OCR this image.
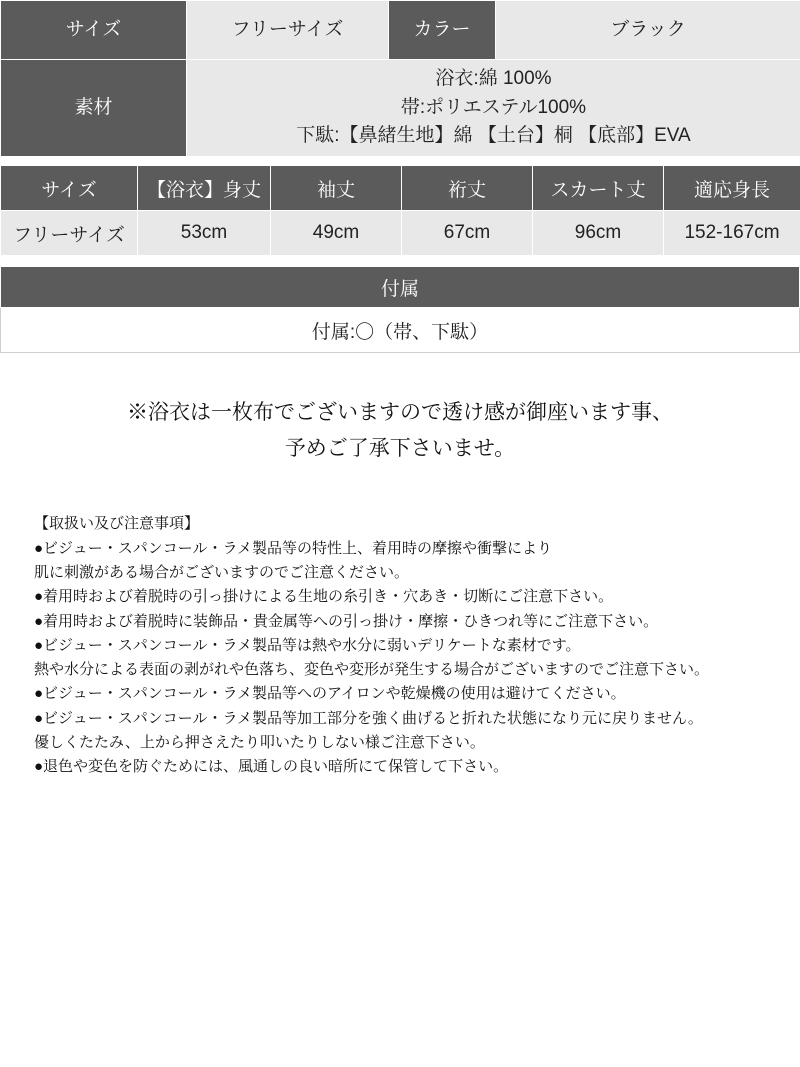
サイズ	フリーサイズ	カラー	ブラック
素材	浴衣:綿 100%
帯:ポリエステル100%
下駄:【鼻緒生地】綿 【土台】桐 【底部】EVA		
サイズ	【浴衣】身丈	袖丈	裄丈	スカート丈	適応身長
フリーサイズ	53cm	49cm	67cm	96cm	152-167cm
付属
付属:〇（帯、下駄）
※浴衣は一枚布でございますので透け感が御座います事、
予めご了承下さいませ。

【取扱い及び注意事項】

●ビジュー・スパンコール・ラメ製品等の特性上、着用時の摩擦や衝撃により

肌に刺激がある場合がございますのでご注意ください。

●着用時および着脱時の引っ掛けによる生地の糸引き・穴あき・切断にご注意下さい。

●着用時および着脱時に装飾品・貴金属等への引っ掛け・摩擦・ひきつれ等にご注意下さい。

●ビジュー・スパンコール・ラメ製品等は熱や水分に弱いデリケートな素材です。

熱や水分による表面の剥がれや色落ち、変色や変形が発生する場合がございますのでご注意下さい。

●ビジュー・スパンコール・ラメ製品等へのアイロンや乾燥機の使用は避けてください。

●ビジュー・スパンコール・ラメ製品等加工部分を強く曲げると折れた状態になり元に戻りません。

優しくたたみ、上から押さえたり叩いたりしない様ご注意下さい。

●退色や変色を防ぐためには、風通しの良い暗所にて保管して下さい。
